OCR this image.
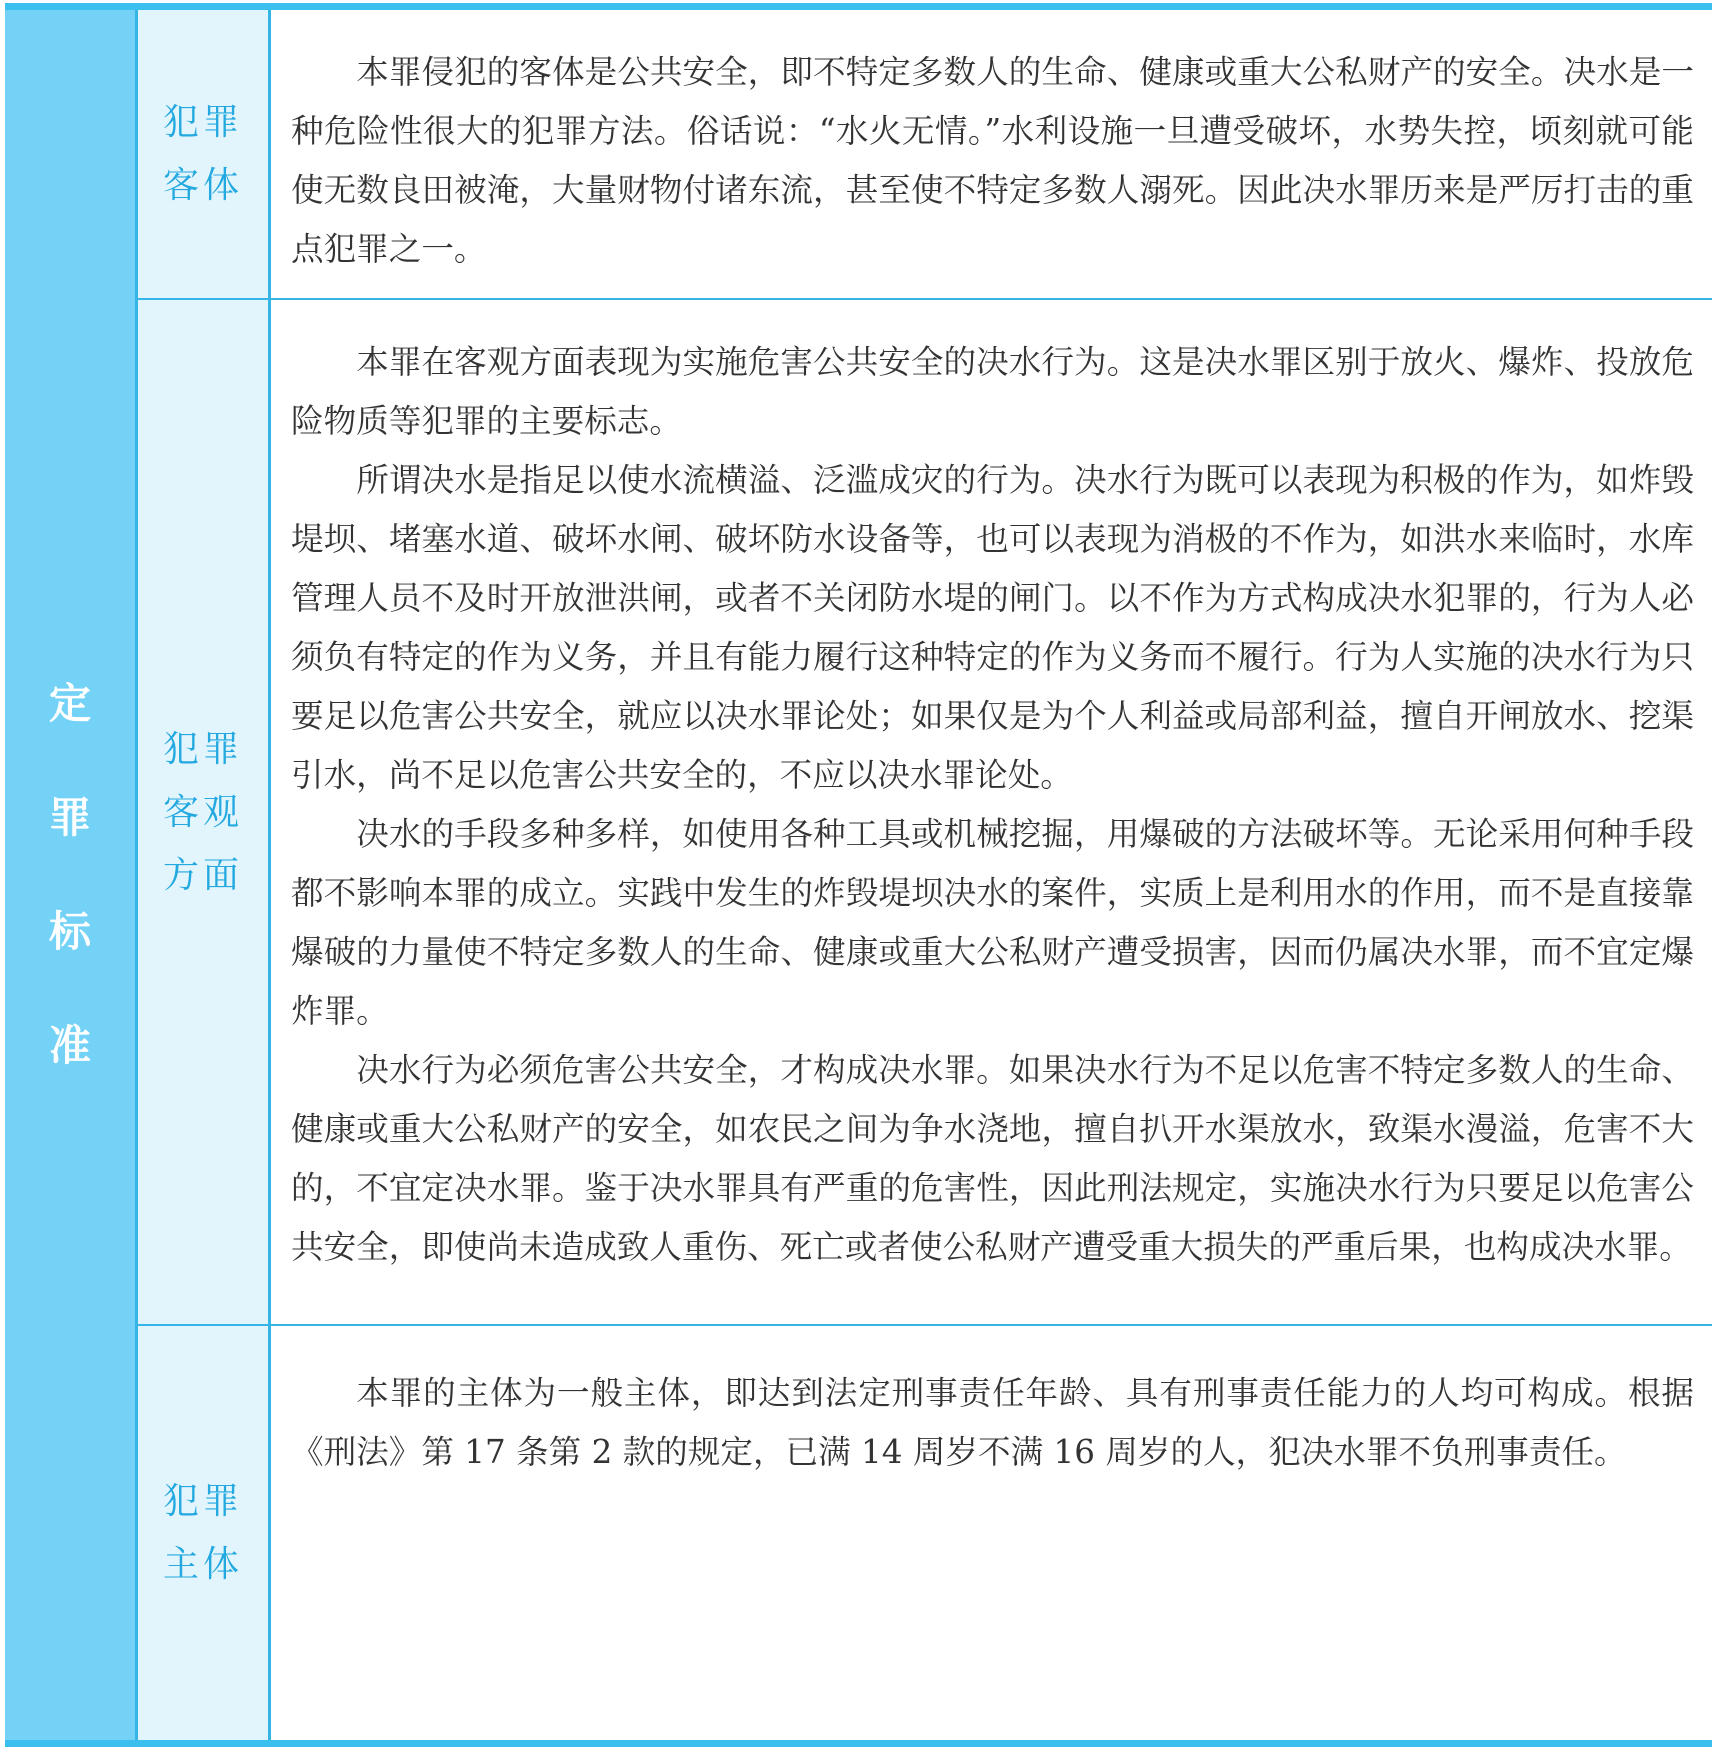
定
罪
标
准
犯罪
客体

本罪侵犯的客体是公共安全，即不特定多数人的生命、健康或重大公私财产的安全。决水是一种危险性很大的犯罪方法。俗话说：“水火无情。”水利设施一旦遭受破坏，水势失控，顷刻就可能使无数良田被淹，大量财物付诸东流，甚至使不特定多数人溺死。因此决水罪历来是严厉打击的重点犯罪之一。

犯罪
客观
方面

本罪在客观方面表现为实施危害公共安全的决水行为。这是决水罪区别于放火、爆炸、投放危险物质等犯罪的主要标志。

所谓决水是指足以使水流横溢、泛滥成灾的行为。决水行为既可以表现为积极的作为，如炸毁堤坝、堵塞水道、破坏水闸、破坏防水设备等，也可以表现为消极的不作为，如洪水来临时，水库管理人员不及时开放泄洪闸，或者不关闭防水堤的闸门。以不作为方式构成决水犯罪的，行为人必须负有特定的作为义务，并且有能力履行这种特定的作为义务而不履行。行为人实施的决水行为只要足以危害公共安全，就应以决水罪论处；如果仅是为个人利益或局部利益，擅自开闸放水、挖渠引水，尚不足以危害公共安全的，不应以决水罪论处。

决水的手段多种多样，如使用各种工具或机械挖掘，用爆破的方法破坏等。无论采用何种手段都不影响本罪的成立。实践中发生的炸毁堤坝决水的案件，实质上是利用水的作用，而不是直接靠爆破的力量使不特定多数人的生命、健康或重大公私财产遭受损害，因而仍属决水罪，而不宜定爆炸罪。

决水行为必须危害公共安全，才构成决水罪。如果决水行为不足以危害不特定多数人的生命、健康或重大公私财产的安全，如农民之间为争水浇地，擅自扒开水渠放水，致渠水漫溢，危害不大的，不宜定决水罪。鉴于决水罪具有严重的危害性，因此刑法规定，实施决水行为只要足以危害公共安全，即使尚未造成致人重伤、死亡或者使公私财产遭受重大损失的严重后果，也构成决水罪。

犯罪
主体

本罪的主体为一般主体，即达到法定刑事责任年龄、具有刑事责任能力的人均可构成。根据《刑法》第 17 条第 2 款的规定，已满 14 周岁不满 16 周岁的人，犯决水罪不负刑事责任。
